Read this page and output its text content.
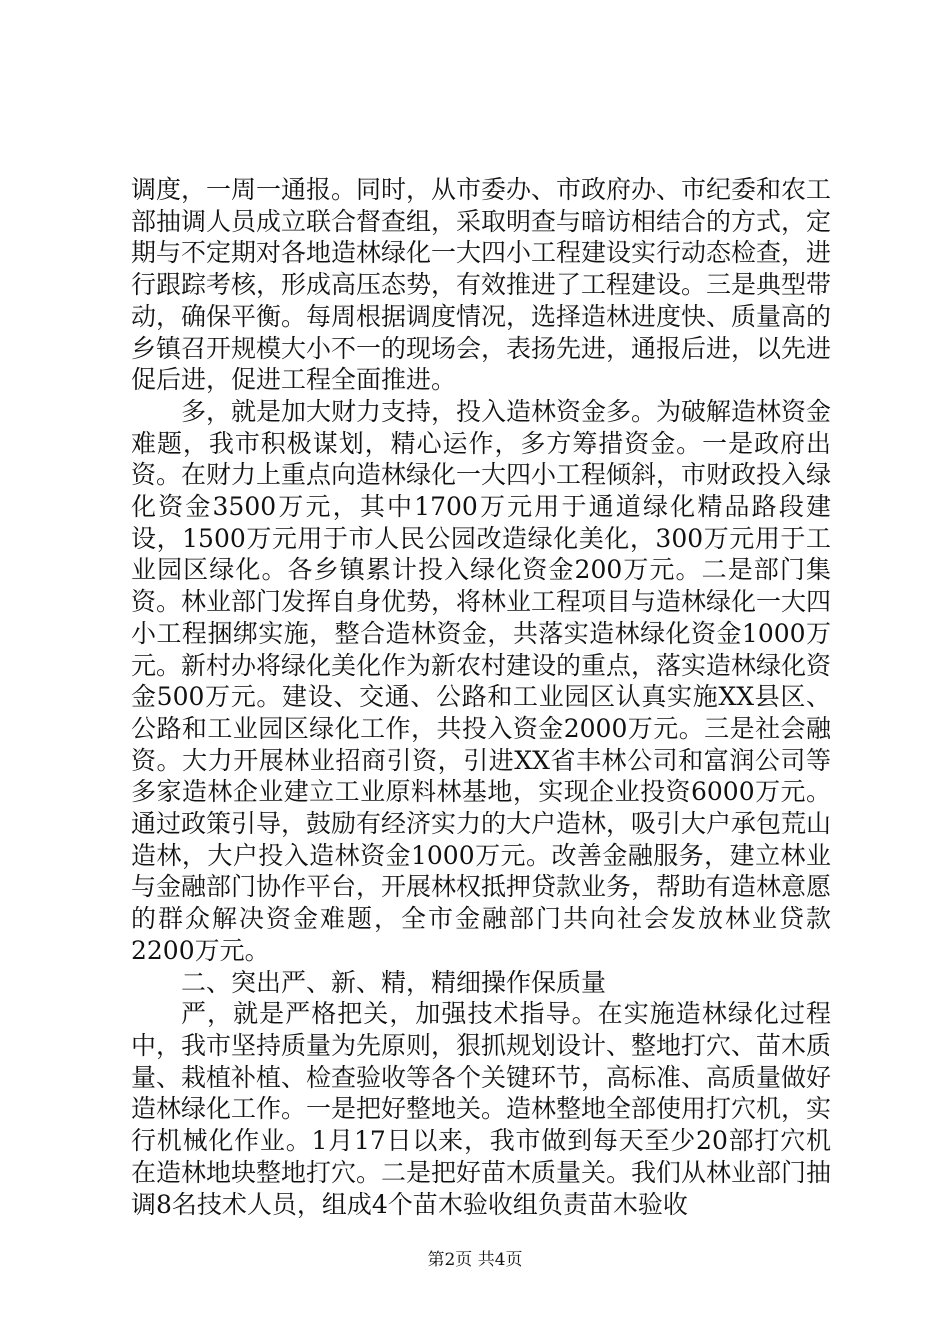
调度，一周一通报。同时，从市委办、市政府办、市纪委和农工部抽调人员成立联合督查组，采取明查与暗访相结合的方式，定期与不定期对各地造林绿化一大四小工程建设实行动态检查，进行跟踪考核，形成高压态势，有效推进了工程建设。三是典型带动，确保平衡。每周根据调度情况，选择造林进度快、质量高的乡镇召开规模大小不一的现场会，表扬先进，通报后进，以先进促后进，促进工程全面推进。

多，就是加大财力支持，投入造林资金多。为破解造林资金难题，我市积极谋划，精心运作，多方筹措资金。一是政府出资。在财力上重点向造林绿化一大四小工程倾斜，市财政投入绿化资金3500万元，其中1700万元用于通道绿化精品路段建设，1500万元用于市人民公园改造绿化美化，300万元用于工业园区绿化。各乡镇累计投入绿化资金200万元。二是部门集资。林业部门发挥自身优势，将林业工程项目与造林绿化一大四小工程捆绑实施，整合造林资金，共落实造林绿化资金1000万元。新村办将绿化美化作为新农村建设的重点，落实造林绿化资金500万元。建设、交通、公路和工业园区认真实施XX县区、公路和工业园区绿化工作，共投入资金2000万元。三是社会融资。大力开展林业招商引资，引进XX省丰林公司和富润公司等多家造林企业建立工业原料林基地，实现企业投资6000万元。通过政策引导，鼓励有经济实力的大户造林，吸引大户承包荒山造林，大户投入造林资金1000万元。改善金融服务，建立林业与金融部门协作平台，开展林权抵押贷款业务，帮助有造林意愿的群众解决资金难题，全市金融部门共向社会发放林业贷款2200万元。

二、突出严、新、精，精细操作保质量

严，就是严格把关，加强技术指导。在实施造林绿化过程中，我市坚持质量为先原则，狠抓规划设计、整地打穴、苗木质量、栽植补植、检查验收等各个关键环节，高标准、高质量做好造林绿化工作。一是把好整地关。造林整地全部使用打穴机，实行机械化作业。1月17日以来，我市做到每天至少20部打穴机在造林地块整地打穴。二是把好苗木质量关。我们从林业部门抽调8名技术人员，组成4个苗木验收组负责苗木验收

第2页 共4页
